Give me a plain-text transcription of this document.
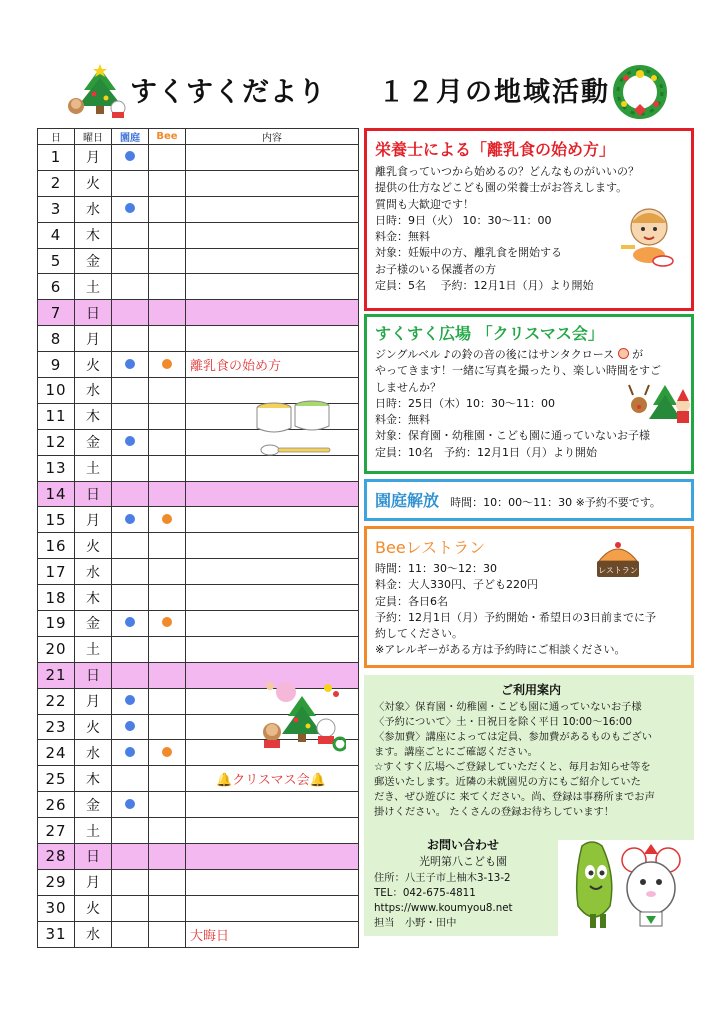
すくすくだより １２月の地域活動
日	曜日	園庭	Bee	内容
1	月			
2	火			
3	水			
4	木			
5	金			
6	土			
7	日			
8	月			
9	火			離乳食の始め方
10	水			
11	木			
12	金			
13	土			
14	日			
15	月			
16	火			
17	水			
18	木			
19	金			
20	土			
21	日			
22	月			
23	火			
24	水			
25	木			🔔クリスマス会🔔
26	金			
27	土			
28	日			
29	月			
30	火			
31	水			大晦日
栄養士による「離乳食の始め方」

離乳食っていつから始めるの？どんなものがいいの？

提供の仕方などこども園の栄養士がお答えします。

質問も大歓迎です！

日時：9日（火） 10：30～11：00

料金：無料

対象：妊娠中の方、離乳食を開始する

お子様のいる保護者の方

定員：5名　 予約：12月1日（月）より開始

すくすく広場 「クリスマス会」

ジングルベル ♪の鈴の音の後にはサンタクロース が

やってきます！一緒に写真を撮ったり、楽しい時間をすご

しませんか？

日時：25日（木）10：30～11：00

料金：無料

対象：保育園・幼稚園・こども園に通っていないお子様

定員：10名　予約：12月1日（月）より開始

園庭解放 時間：10：00～11：30 ※予約不要です。
Beeレストラン

時間：11：30～12：30

料金：大人330円、子ども220円

定員：各日6名

予約：12月1日（月）予約開始・希望日の3日前までに予

約してください。

※アレルギーがある方は予約時にご相談ください。

レストラン
ご利用案内

〈対象〉保育園・幼稚園・こども園に通っていないお子様

〈予約について〉土・日祝日を除く平日 10:00～16:00

〈参加費〉講座によっては定員、参加費があるものもござい

ます。講座ごとにご確認ください。

☆すくすく広場へご登録していただくと、毎月お知らせ等を

郵送いたします。近隣の未就園児の方にもご紹介していた

だき、ぜひ遊びに 来てください。尚、登録は事務所までお声

掛けください。 たくさんの登録お待ちしています！

お問い合わせ
光明第八こども園

住所：八王子市上柚木3-13-2

TEL：042-675-4811

https://www.koumyou8.net

担当　小野・田中
